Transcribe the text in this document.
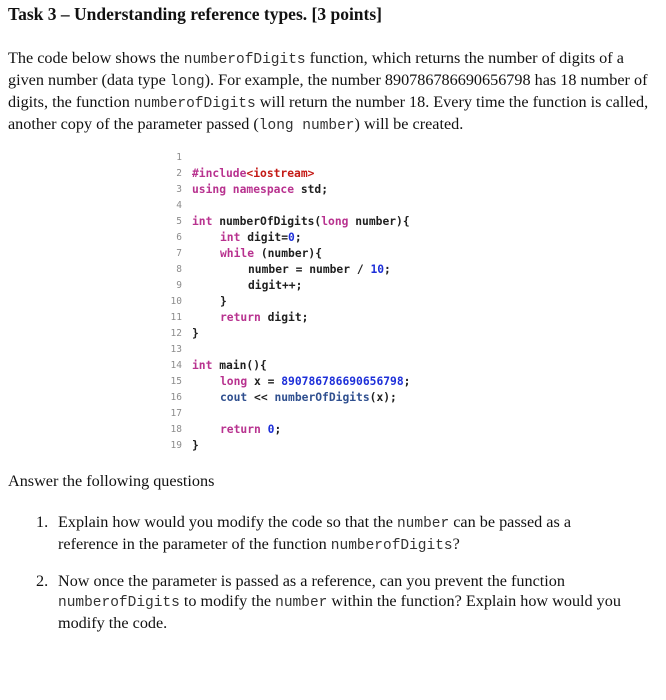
Task 3 – Understanding reference types. [3 points]
The code below shows the numberofDigits function, which returns the number of digits of a given number (data type long). For example, the number 890786786690656798 has 18 number of digits, the function numberofDigits will return the number 18. Every time the function is called, another copy of the parameter passed (long number) will be created.
1
2 #include<iostream>
3 using namespace std;
4
5 int numberOfDigits(long number){
6	int digit=0;
7	while (number){
8	number = number / 10;
9	digit++;
10	}
11	return digit;
12 }
13
14 int main(){
15	long x = 890786786690656798;
16	cout << numberOfDigits(x);
17
18	return 0;
19 }
Answer the following questions
1. Explain how would you modify the code so that the number can be passed as a reference in the parameter of the function numberofDigits?
2. Now once the parameter is passed as a reference, can you prevent the function numberofDigits to modify the number within the function? Explain how would you modify the code.
